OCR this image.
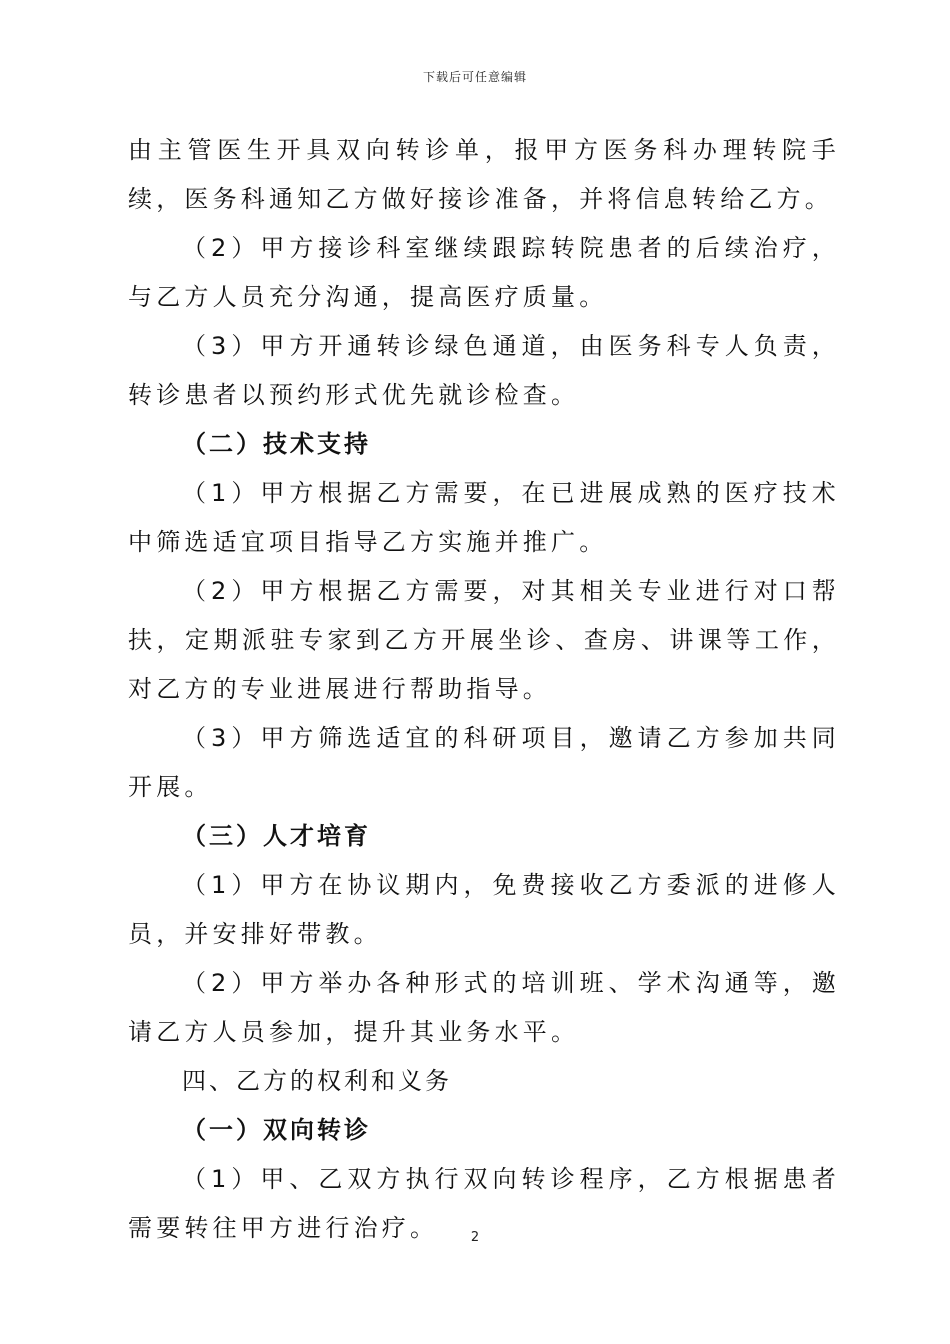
下载后可任意编辑

由主管医生开具双向转诊单，报甲方医务科办理转院手续，医务科通知乙方做好接诊准备，并将信息转给乙方。

（2）甲方接诊科室继续跟踪转院患者的后续治疗，与乙方人员充分沟通，提高医疗质量。

（3）甲方开通转诊绿色通道，由医务科专人负责，转诊患者以预约形式优先就诊检查。

（二）技术支持

（1）甲方根据乙方需要，在已进展成熟的医疗技术中筛选适宜项目指导乙方实施并推广。

（2）甲方根据乙方需要，对其相关专业进行对口帮扶，定期派驻专家到乙方开展坐诊、查房、讲课等工作，对乙方的专业进展进行帮助指导。

（3）甲方筛选适宜的科研项目，邀请乙方参加共同开展。

（三）人才培育

（1）甲方在协议期内，免费接收乙方委派的进修人员，并安排好带教。

（2）甲方举办各种形式的培训班、学术沟通等，邀请乙方人员参加，提升其业务水平。

四、乙方的权利和义务

（一）双向转诊

（1）甲、乙双方执行双向转诊程序，乙方根据患者需要转往甲方进行治疗。	2
